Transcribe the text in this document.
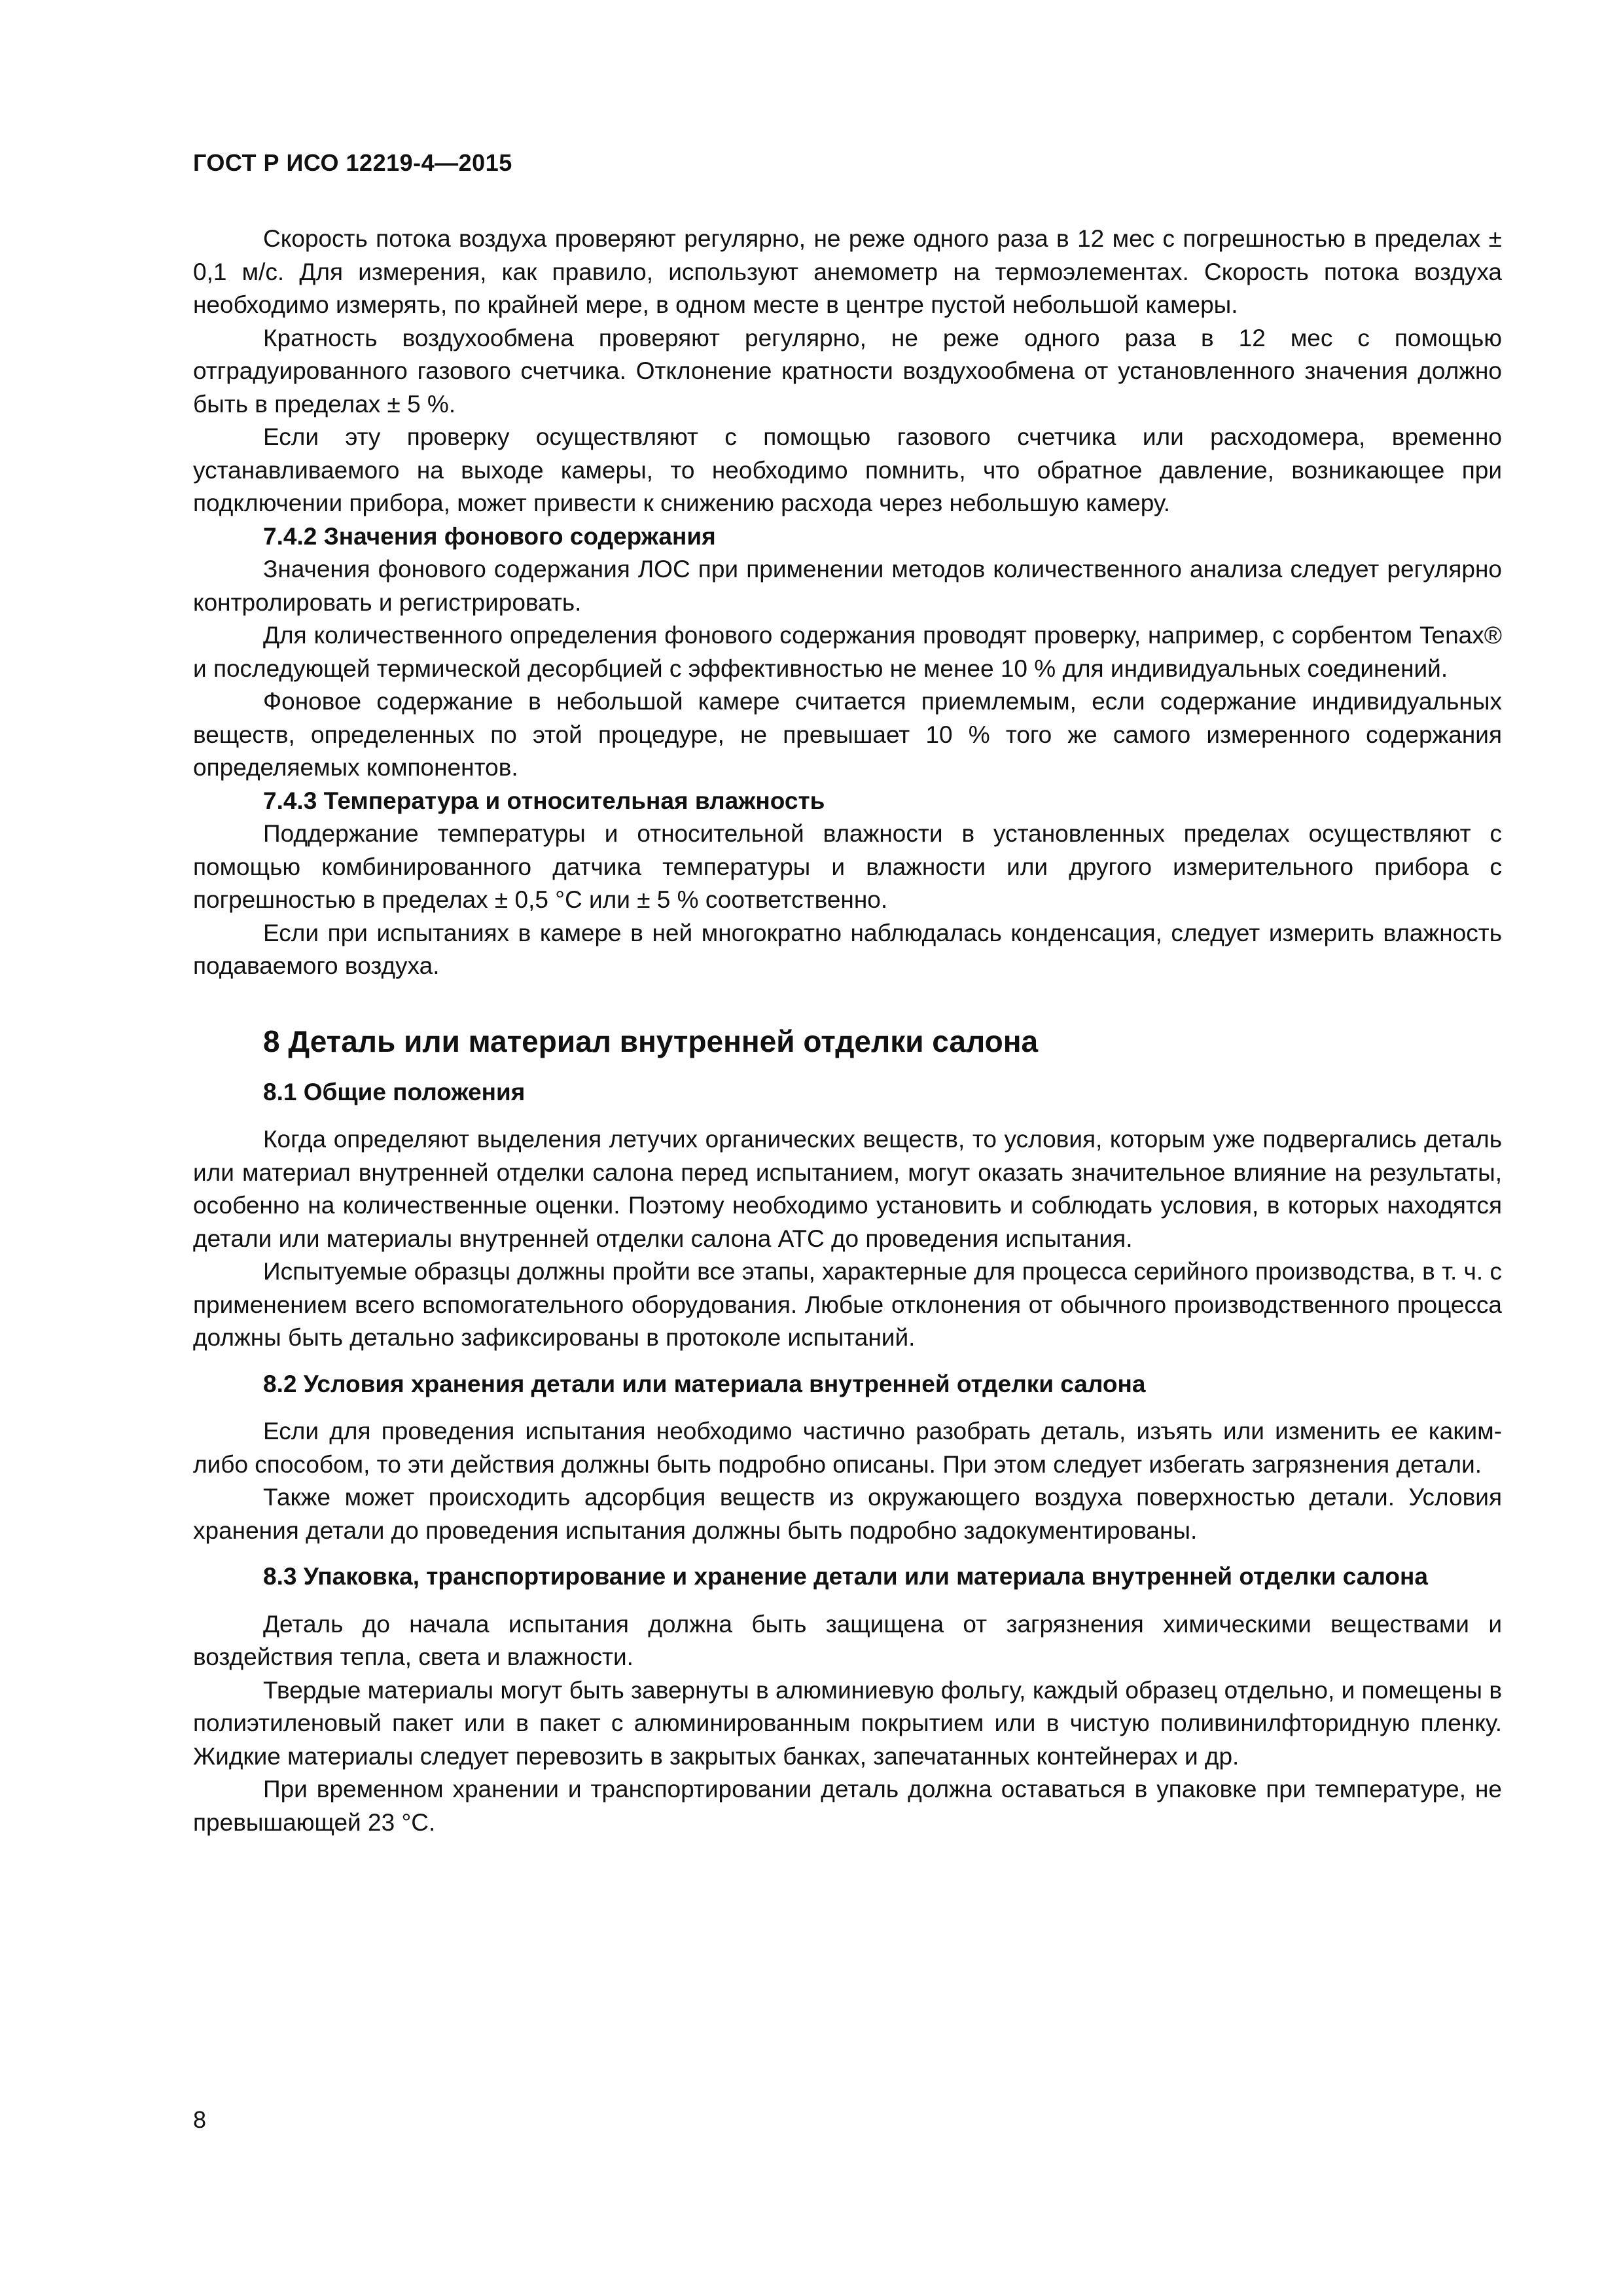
ГОСТ Р ИСО 12219-4—2015

Скорость потока воздуха проверяют регулярно, не реже одного раза в 12 мес с погрешностью в пределах ± 0,1 м/с. Для измерения, как правило, используют анемометр на термоэлементах. Скорость потока воздуха необходимо измерять, по крайней мере, в одном месте в центре пустой небольшой камеры.

Кратность воздухообмена проверяют регулярно, не реже одного раза в 12 мес с помощью отградуированного газового счетчика. Отклонение кратности воздухообмена от установленного значения должно быть в пределах ± 5 %.

Если эту проверку осуществляют с помощью газового счетчика или расходомера, временно устанавливаемого на выходе камеры, то необходимо помнить, что обратное давление, возникающее при подключении прибора, может привести к снижению расхода через небольшую камеру.

7.4.2 Значения фонового содержания

Значения фонового содержания ЛОС при применении методов количественного анализа следует регулярно контролировать и регистрировать.

Для количественного определения фонового содержания проводят проверку, например, с сорбентом Tenax® и последующей термической десорбцией с эффективностью не менее 10 % для индивидуальных соединений.

Фоновое содержание в небольшой камере считается приемлемым, если содержание индивидуальных веществ, определенных по этой процедуре, не превышает 10 % того же самого измеренного содержания определяемых компонентов.

7.4.3 Температура и относительная влажность

Поддержание температуры и относительной влажности в установленных пределах осуществляют с помощью комбинированного датчика температуры и влажности или другого измерительного прибора с погрешностью в пределах ± 0,5 °С или ± 5 % соответственно.

Если при испытаниях в камере в ней многократно наблюдалась конденсация, следует измерить влажность подаваемого воздуха.

8 Деталь или материал внутренней отделки салона
8.1 Общие положения

Когда определяют выделения летучих органических веществ, то условия, которым уже подвергались деталь или материал внутренней отделки салона перед испытанием, могут оказать значительное влияние на результаты, особенно на количественные оценки. Поэтому необходимо установить и соблюдать условия, в которых находятся детали или материалы внутренней отделки салона АТС до проведения испытания.

Испытуемые образцы должны пройти все этапы, характерные для процесса серийного производства, в т. ч. с применением всего вспомогательного оборудования. Любые отклонения от обычного производственного процесса должны быть детально зафиксированы в протоколе испытаний.

8.2 Условия хранения детали или материала внутренней отделки салона

Если для проведения испытания необходимо частично разобрать деталь, изъять или изменить ее каким-либо способом, то эти действия должны быть подробно описаны. При этом следует избегать загрязнения детали.

Также может происходить адсорбция веществ из окружающего воздуха поверхностью детали. Условия хранения детали до проведения испытания должны быть подробно задокументированы.

8.3 Упаковка, транспортирование и хранение детали или материала внутренней отделки салона

Деталь до начала испытания должна быть защищена от загрязнения химическими веществами и воздействия тепла, света и влажности.

Твердые материалы могут быть завернуты в алюминиевую фольгу, каждый образец отдельно, и помещены в полиэтиленовый пакет или в пакет с алюминированным покрытием или в чистую поливинилфторидную пленку. Жидкие материалы следует перевозить в закрытых банках, запечатанных контейнерах и др.

При временном хранении и транспортировании деталь должна оставаться в упаковке при температуре, не превышающей 23 °С.

8
